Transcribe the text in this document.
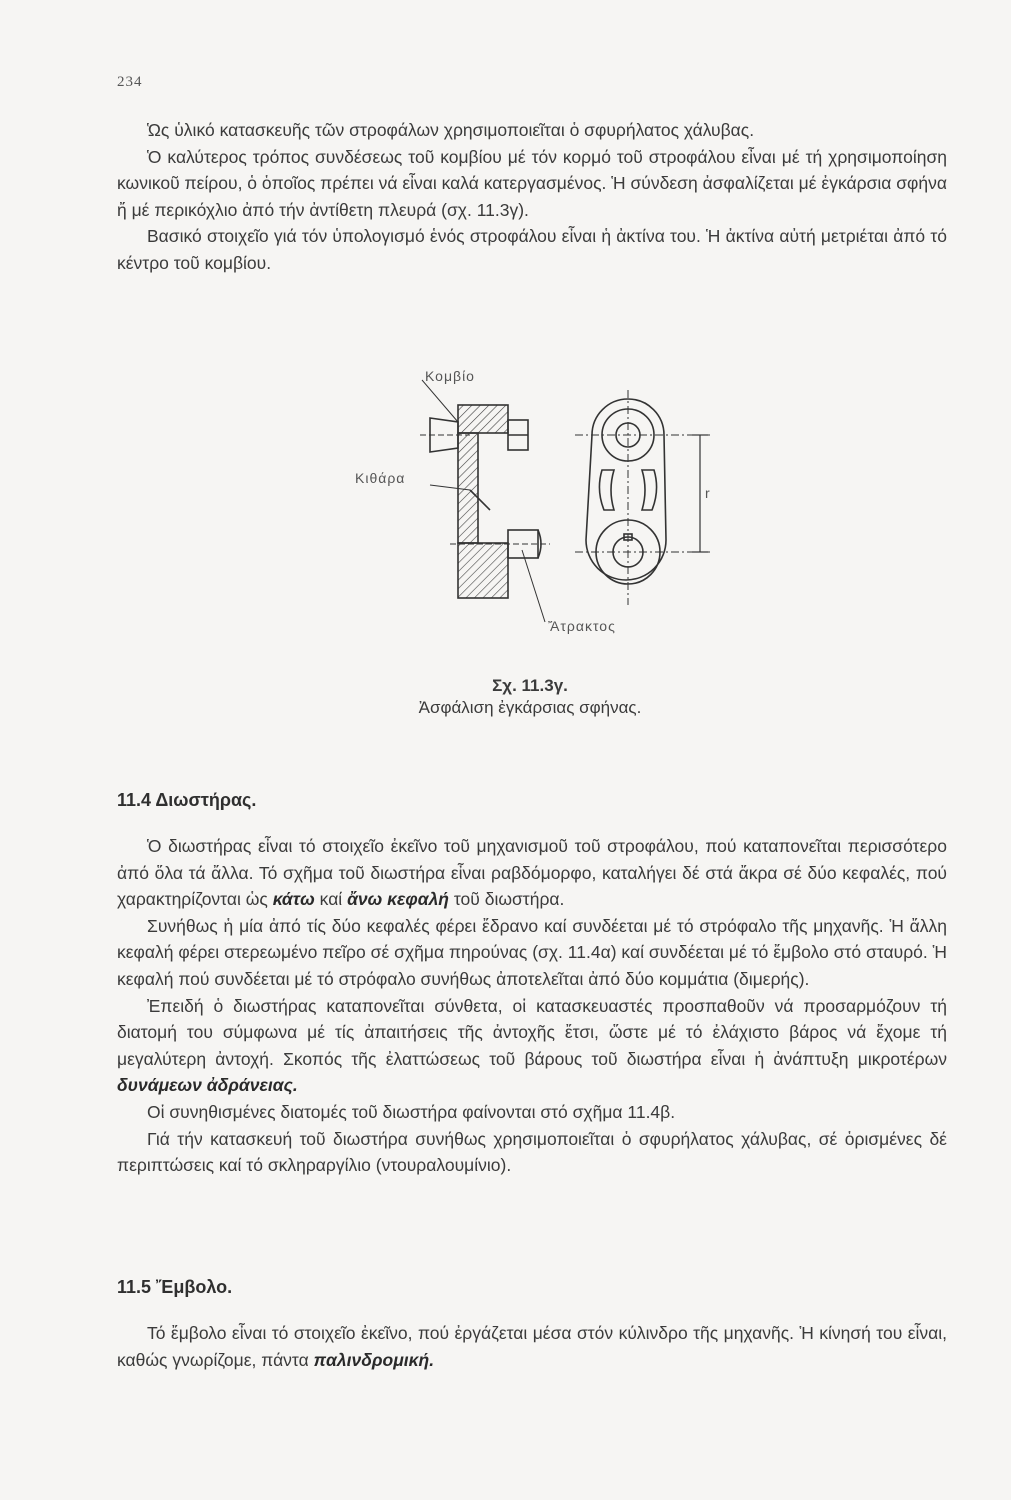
234

Ὡς ὑλικό κατασκευῆς τῶν στροφάλων χρησιμοποιεῖται ὁ σφυρήλατος χάλυβας.

Ὁ καλύτερος τρόπος συνδέσεως τοῦ κομβίου μέ τόν κορμό τοῦ στροφάλου εἶναι μέ τή χρησιμοποίηση κωνικοῦ πείρου, ὁ ὁποῖος πρέπει νά εἶναι καλά κατεργασμένος. Ἡ σύνδεση ἀσφαλίζεται μέ ἐγκάρσια σφήνα ἤ μέ περικόχλιο ἀπό τήν ἀντίθετη πλευρά (σχ. 11.3γ).

Βασικό στοιχεῖο γιά τόν ὑπολογισμό ἑνός στροφάλου εἶναι ἡ ἀκτίνα του. Ἡ ἀκτίνα αὐτή μετριέται ἀπό τό κέντρο τοῦ κομβίου.

Κομβίο
Κιθάρα
Ἄτρακτος
r
Σχ. 11.3γ.
Ἀσφάλιση ἐγκάρσιας σφήνας.
11.4 Διωστήρας.

Ὁ διωστήρας εἶναι τό στοιχεῖο ἐκεῖνο τοῦ μηχανισμοῦ τοῦ στροφάλου, πού καταπονεῖται περισσότερο ἀπό ὅλα τά ἄλλα. Τό σχῆμα τοῦ διωστήρα εἶναι ραβδόμορφο, καταλήγει δέ στά ἄκρα σέ δύο κεφαλές, πού χαρακτηρίζονται ὡς κάτω καί ἄνω κεφαλή τοῦ διωστήρα.

Συνήθως ἡ μία ἀπό τίς δύο κεφαλές φέρει ἔδρανο καί συνδέεται μέ τό στρόφαλο τῆς μηχανῆς. Ἡ ἄλλη κεφαλή φέρει στερεωμένο πεῖρο σέ σχῆμα πηρούνας (σχ. 11.4α) καί συνδέεται μέ τό ἔμβολο στό σταυρό. Ἡ κεφαλή πού συνδέεται μέ τό στρόφαλο συνήθως ἀποτελεῖται ἀπό δύο κομμάτια (διμερής).

Ἐπειδή ὁ διωστήρας καταπονεῖται σύνθετα, οἱ κατασκευαστές προσπαθοῦν νά προσαρμόζουν τή διατομή του σύμφωνα μέ τίς ἀπαιτήσεις τῆς ἀντοχῆς ἔτσι, ὥστε μέ τό ἐλάχιστο βάρος νά ἔχομε τή μεγαλύτερη ἀντοχή. Σκοπός τῆς ἐλαττώσεως τοῦ βάρους τοῦ διωστήρα εἶναι ἡ ἀνάπτυξη μικροτέρων δυνάμεων ἀδράνειας.

Οἱ συνηθισμένες διατομές τοῦ διωστήρα φαίνονται στό σχῆμα 11.4β.

Γιά τήν κατασκευή τοῦ διωστήρα συνήθως χρησιμοποιεῖται ὁ σφυρήλατος χάλυβας, σέ ὁρισμένες δέ περιπτώσεις καί τό σκληραργίλιο (ντουραλουμίνιο).

11.5 Ἔμβολο.

Τό ἔμβολο εἶναι τό στοιχεῖο ἐκεῖνο, πού ἐργάζεται μέσα στόν κύλινδρο τῆς μηχανῆς. Ἡ κίνησή του εἶναι, καθώς γνωρίζομε, πάντα παλινδρομική.
